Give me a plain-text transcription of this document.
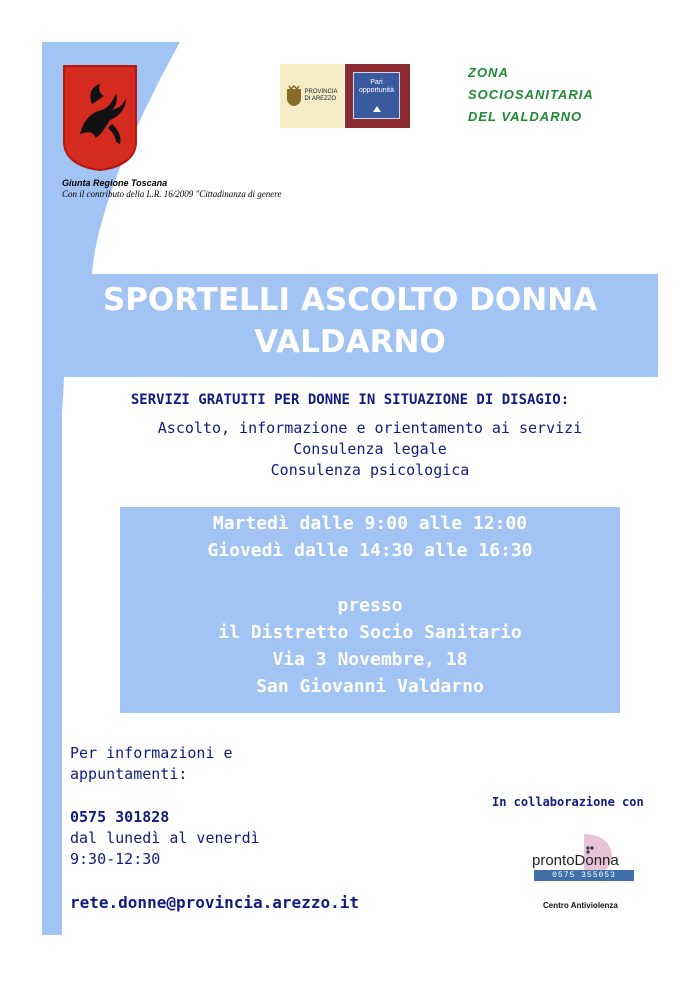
Giunta Regione Toscana
Con il contributo della L.R. 16/2009 "Cittadinanza di genere
PROVINCIA DI AREZZO
Pari opportunità
ZONA
SOCIOSANITARIA
DEL VALDARNO
SPORTELLI ASCOLTO DONNA
VALDARNO
SERVIZI GRATUITI PER DONNE IN SITUAZIONE DI DISAGIO:
Ascolto, informazione e orientamento ai servizi
Consulenza legale
Consulenza psicologica
Martedì dalle 9:00 alle 12:00
Giovedì dalle 14:30 alle 16:30
presso
il Distretto Socio Sanitario
Via 3 Novembre, 18
San Giovanni Valdarno
Per informazioni e
appuntamenti:
0575 301828
dal lunedì al venerdì
9:30-12:30
rete.donne@provincia.arezzo.it
In collaborazione con
prontoDonna
0575 355053
Centro Antiviolenza
